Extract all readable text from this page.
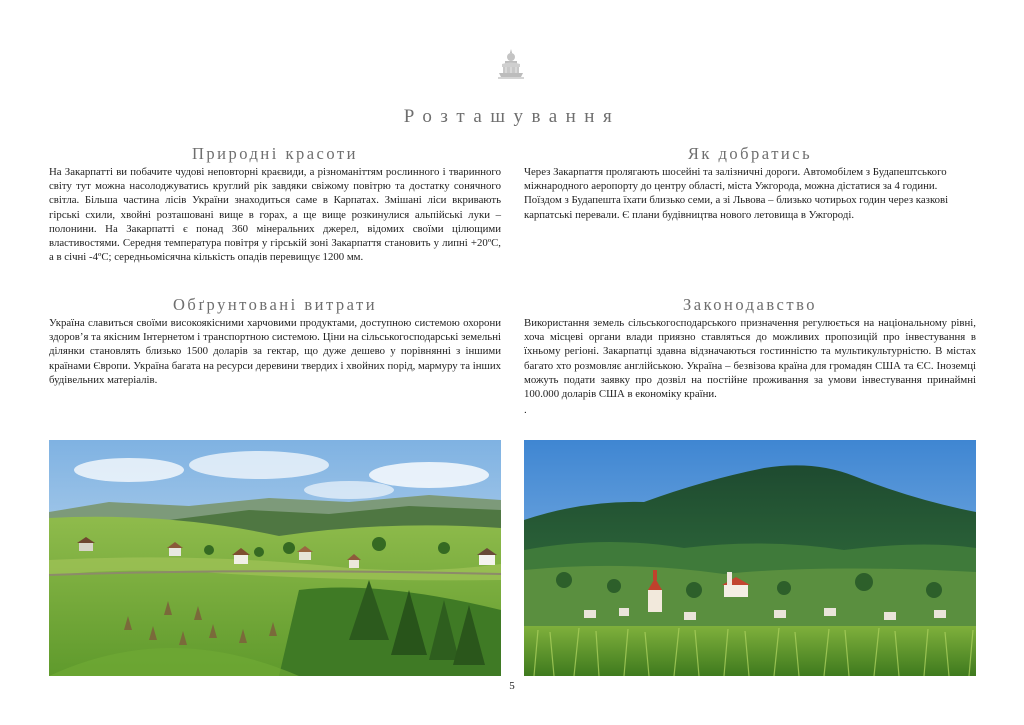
Розташування
Природні красоти

На Закарпатті ви побачите чудові неповторні краєвиди, а різноманіттям рослинного і тваринного світу тут можна насолоджуватись круглий рік завдяки свіжому повітрю та достатку сонячного світла. Більша частина лісів України знаходиться саме в Карпатах. Змішані ліси вкривають гірські схили, хвойні розташовані вище в горах, а ще вище розкинулися альпійські луки – полонини. На Закарпатті є понад 360 мінеральних джерел, відомих своїми цілющими властивостями. Середня температура повітря у гірській зоні Закарпаття становить у липні +20ºС, а в січні -4ºС; середньомісячна кількість опадів перевищує 1200 мм.

Як добратись

Через Закарпаття пролягають шосейні та залізничні дороги. Автомобілем з Будапештського міжнародного аеропорту до центру області, міста Ужгорода, можна дістатися за 4 години. Поїздом з Будапешта їхати близько семи, а зі Львова – близько чотирьох годин через казкові карпатські перевали. Є плани будівництва нового летовища в Ужгороді.

Обґрунтовані витрати

Україна славиться своїми високоякісними харчовими продуктами, доступною системою охорони здоров’я та якісним Інтернетом і транспортною системою. Ціни на сільськогосподарські земельні ділянки становлять близько 1500 доларів за гектар, що дуже дешево у порівнянні з іншими країнами Європи. Україна багата на ресурси деревини твердих і хвойних порід, мармуру та інших будівельних матеріалів.

Законодавство

Використання земель сільськогосподарського призначення регулюється на національному рівні, хоча місцеві органи влади приязно ставляться до можливих пропозицій про інвестування в їхньому регіоні. Закарпатці здавна відзначаються гостинністю та мультикультурністю. В містах багато хто розмовляє англійською. Україна – безвізова країна для громадян США та ЄС. Іноземці можуть подати заявку про дозвіл на постійне проживання за умови інвестування принаймні 100.000 доларів США в економіку країни.

.
5
